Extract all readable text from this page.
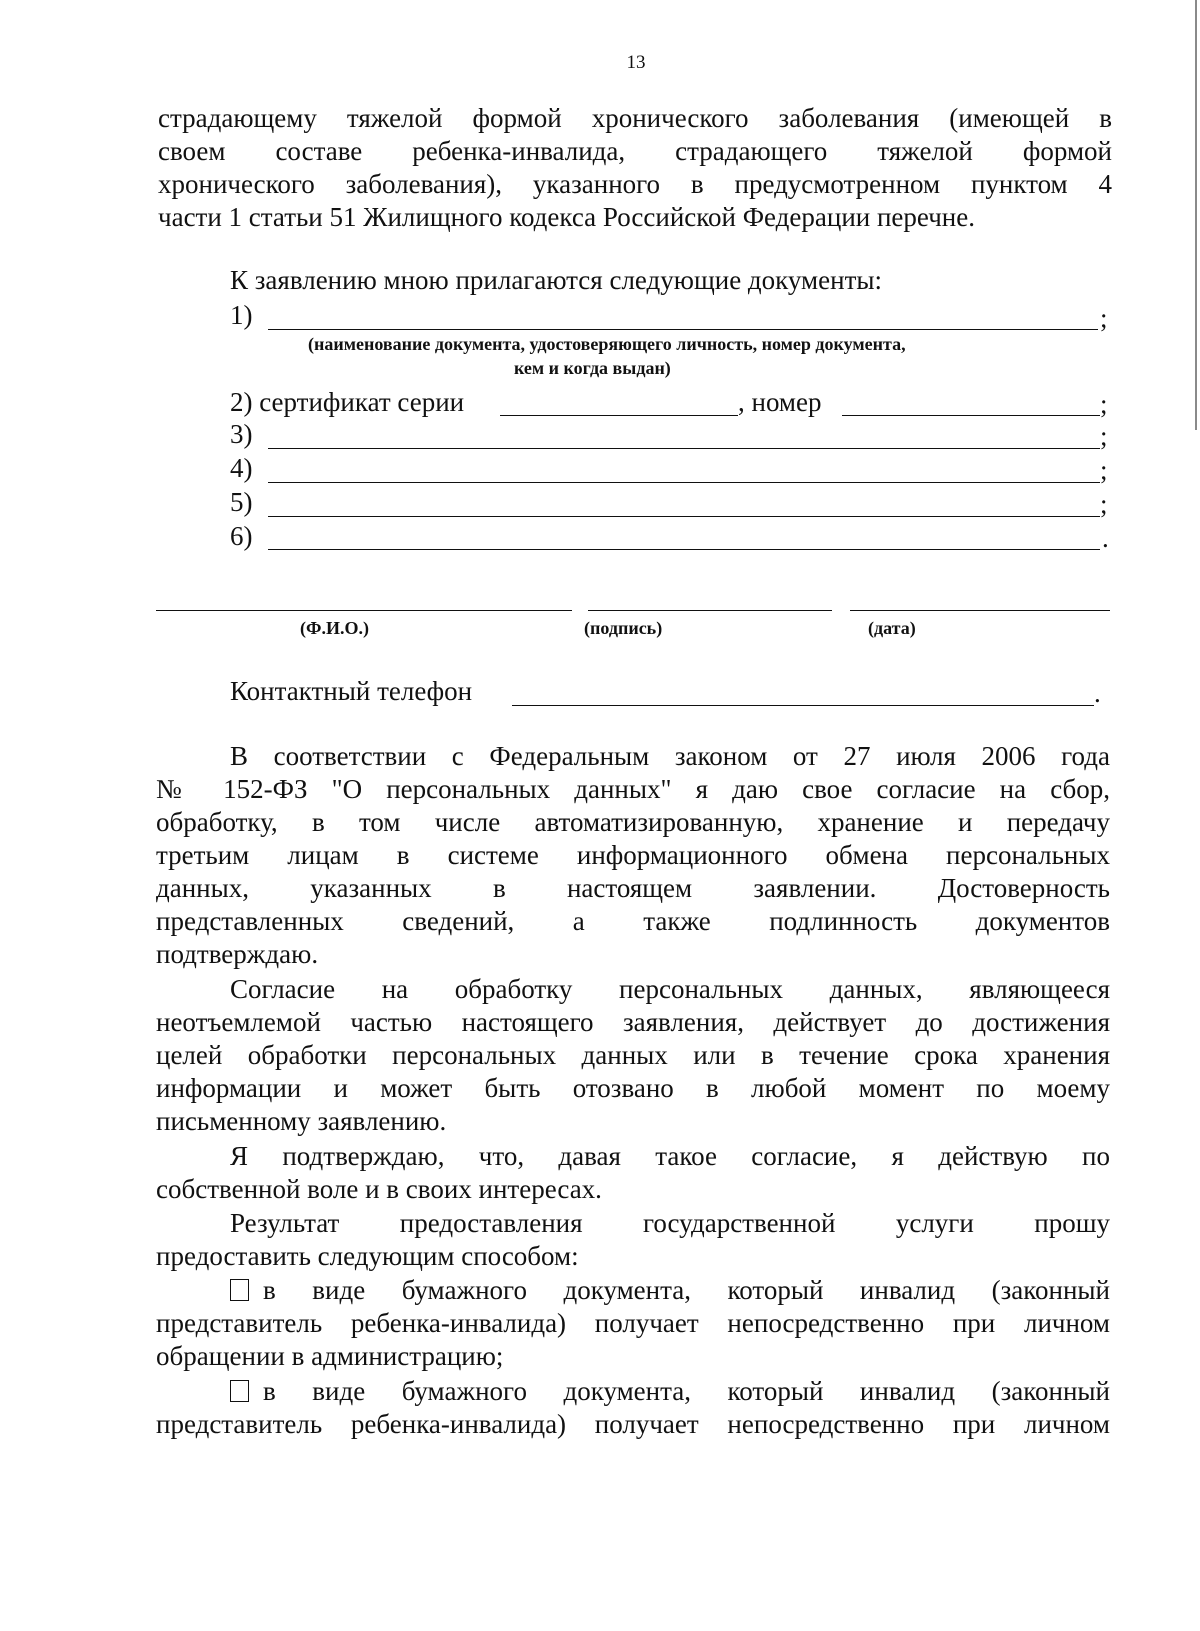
13
страдающему тяжелой формой хронического заболевания (имеющей в
своем составе ребенка-инвалида, страдающего тяжелой формой
хронического заболевания), указанного в предусмотренном пунктом 4
части 1 статьи 51 Жилищного кодекса Российской Федерации перечне.
К заявлению мною прилагаются следующие документы:
1)	;
(наименование документа, удостоверяющего личность, номер документа,
кем и когда выдан)
2) сертификат серии	, номер	;
3)	;
4)	;
5)	;
6)	.
(Ф.И.О.)	(подпись)	(дата)
Контактный телефон	.
В соответствии с Федеральным законом от 27 июля 2006 года
№ 152-ФЗ "О персональных данных" я даю свое согласие на сбор,
обработку, в том числе автоматизированную, хранение и передачу
третьим лицам в системе информационного обмена персональных
данных, указанных в настоящем заявлении. Достоверность
представленных сведений, а также подлинность документов
подтверждаю.
Согласие на обработку персональных данных, являющееся
неотъемлемой частью настоящего заявления, действует до достижения
целей обработки персональных данных или в течение срока хранения
информации и может быть отозвано в любой момент по моему
письменному заявлению.
Я подтверждаю, что, давая такое согласие, я действую по
собственной воле и в своих интересах.
Результат предоставления государственной услуги прошу
предоставить следующим способом:
в виде бумажного документа, который инвалид (законный
представитель ребенка-инвалида) получает непосредственно при личном
обращении в администрацию;
в виде бумажного документа, который инвалид (законный
представитель ребенка-инвалида) получает непосредственно при личном
